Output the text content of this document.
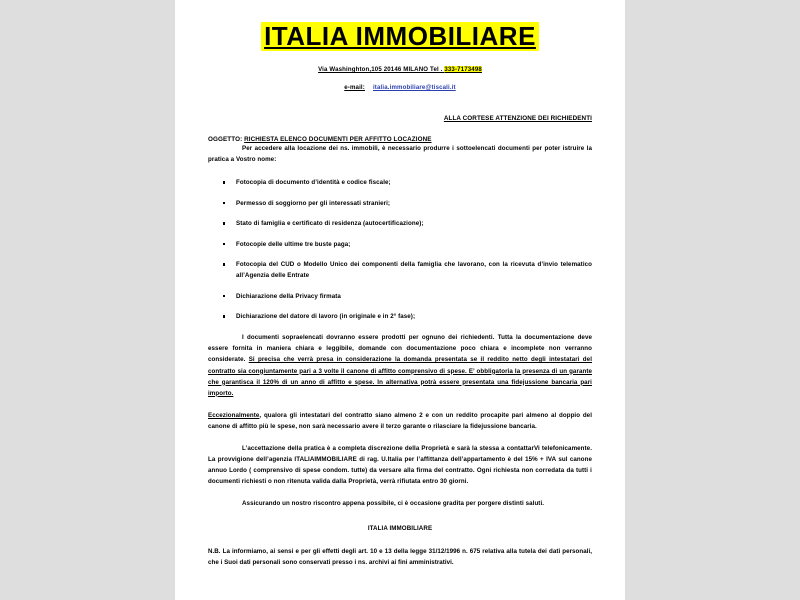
ITALIA IMMOBILIARE
Via Washinghton,105 20146 MILANO Tel . 333-7173498
e-mail: italia.immobiliare@tiscali.it
ALLA CORTESE ATTENZIONE DEI RICHIEDENTI
OGGETTO: RICHIESTA ELENCO DOCUMENTI PER AFFITTO LOCAZIONE

Per accedere alla locazione dei ns. immobili, è necessario produrre i sottoelencati documenti per poter istruire la pratica a Vostro nome:

Fotocopia di documento d’identità e codice fiscale;
Permesso di soggiorno per gli interessati stranieri;
Stato di famiglia e certificato di residenza (autocertificazione);
Fotocopie delle ultime tre buste paga;
Fotocopia del CUD o Modello Unico dei componenti della famiglia che lavorano, con la ricevuta d’invio telematico all’Agenzia delle Entrate
Dichiarazione della Privacy firmata
Dichiarazione del datore di lavoro (in originale e in 2° fase);

I documenti sopraelencati dovranno essere prodotti per ognuno dei richiedenti. Tutta la documentazione deve essere fornita in maniera chiara e leggibile, domande con documentazione poco chiara e incomplete non verranno considerate. Si precisa che verrà presa in considerazione la domanda presentata se il reddito netto degli intestatari del contratto sia congiuntamente pari a 3 volte il canone di affitto comprensivo di spese. E’ obbligatoria la presenza di un garante che garantisca il 120% di un anno di affitto e spese. In alternativa potrà essere presentata una fidejussione bancaria pari importo.

Eccezionalmente, qualora gli intestatari del contratto siano almeno 2 e con un reddito procapite pari almeno al doppio del canone di affitto più le spese, non sarà necessario avere il terzo garante o rilasciare la fidejussione bancaria.

L’accettazione della pratica è a completa discrezione della Proprietà e sarà la stessa a contattarVi telefonicamente. La provvigione dell’agenzia ITALIAIMMOBILIARE di rag. U.Italia per l’affittanza dell’appartamento è del 15% + IVA sul canone annuo Lordo ( comprensivo di spese condom. tutte) da versare alla firma del contratto. Ogni richiesta non corredata da tutti i documenti richiesti o non ritenuta valida dalla Proprietà, verrà rifiutata entro 30 giorni.

Assicurando un nostro riscontro appena possibile, ci è occasione gradita per porgere distinti saluti.

ITALIA IMMOBILIARE
N.B. La informiamo, ai sensi e per gli effetti degli art. 10 e 13 della legge 31/12/1996 n. 675 relativa alla tutela dei dati personali, che i Suoi dati personali sono conservati presso i ns. archivi ai fini amministrativi.
